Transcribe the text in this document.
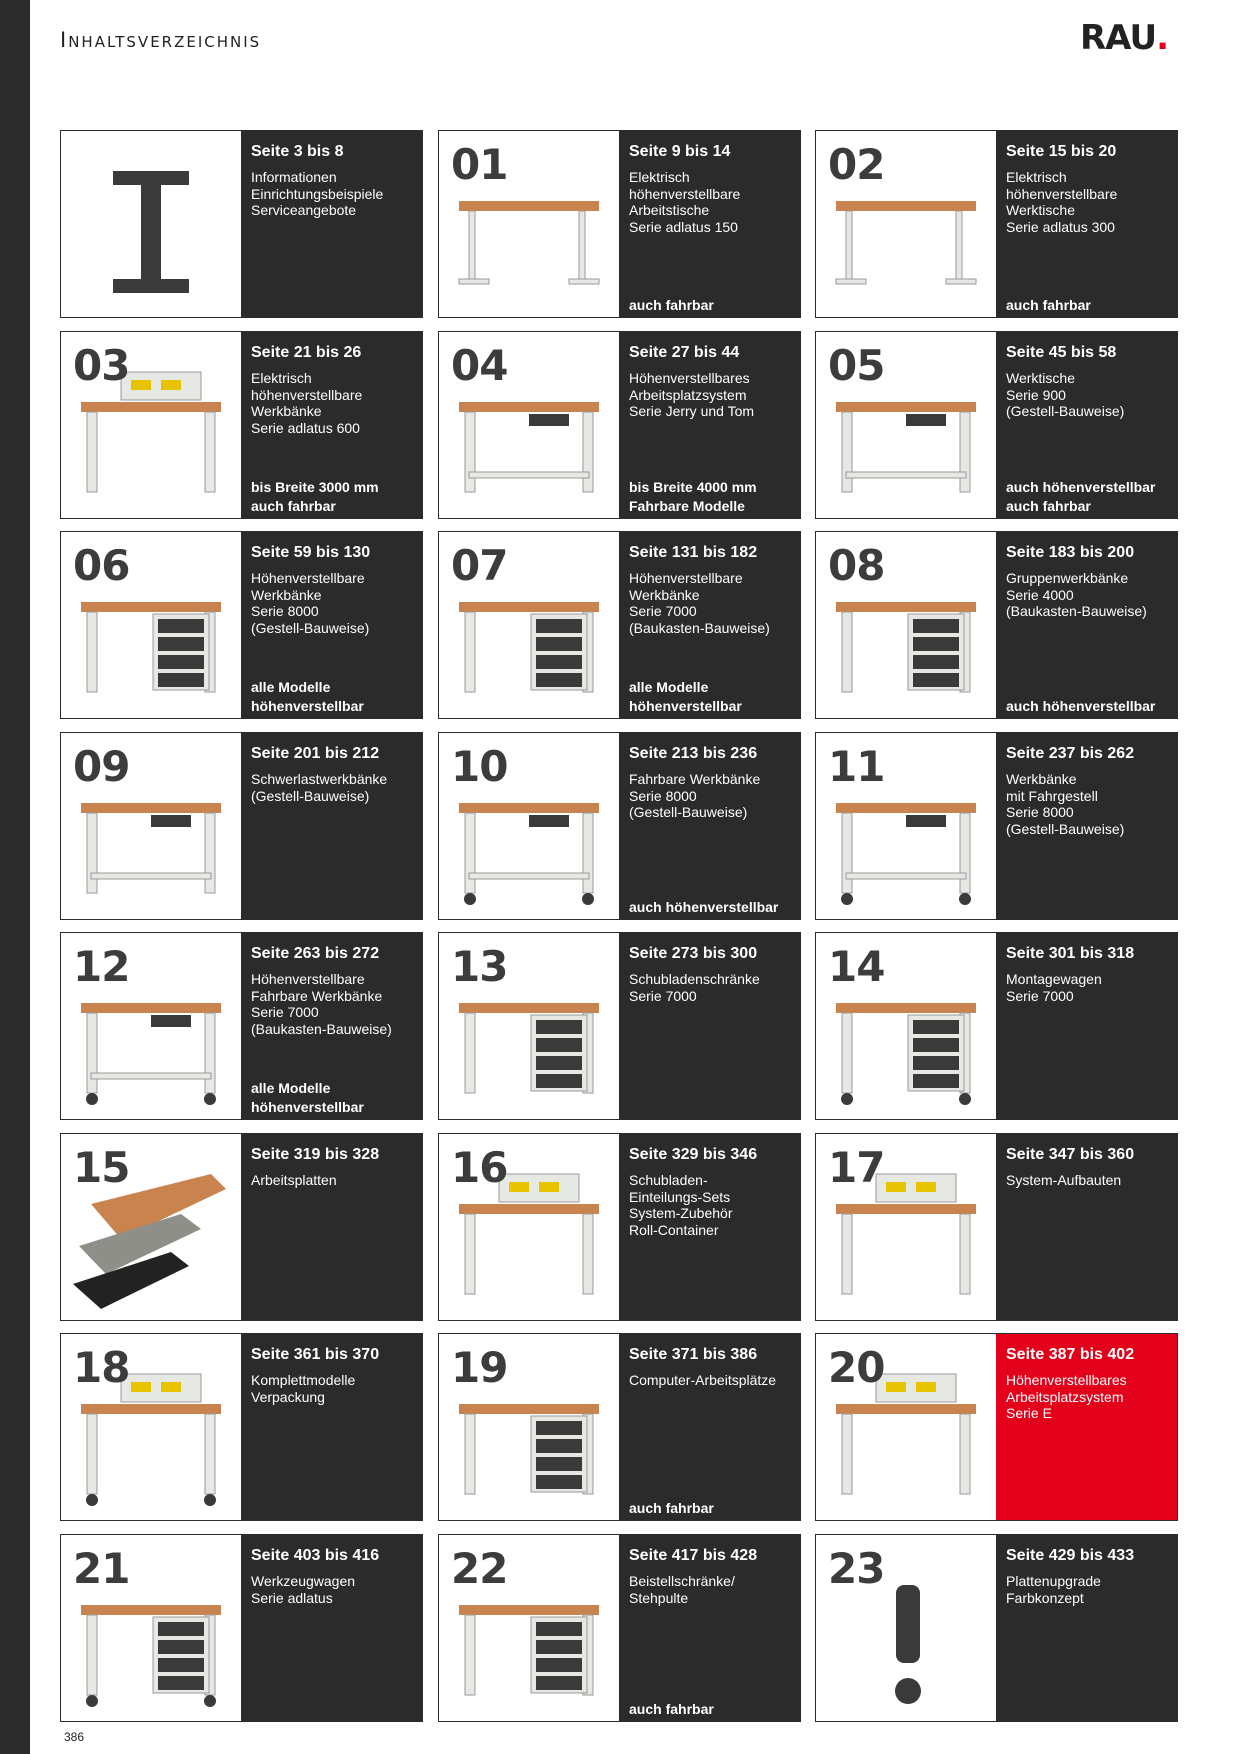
Inhaltsverzeichnis	RAU.
Seite 3 bis 8
Informationen
Einrichtungsbeispiele
Serviceangebote
01	Seite 9 bis 14
Elektrisch
höhenverstellbare
Arbeitstische
Serie adlatus 150
auch fahrbar
02	Seite 15 bis 20
Elektrisch
höhenverstellbare
Werktische
Serie adlatus 300
auch fahrbar
03	Seite 21 bis 26
Elektrisch
höhenverstellbare
Werkbänke
Serie adlatus 600
bis Breite 3000 mm
auch fahrbar
04	Seite 27 bis 44
Höhenverstellbares
Arbeitsplatzsystem
Serie Jerry und Tom
bis Breite 4000 mm
Fahrbare Modelle
05	Seite 45 bis 58
Werktische
Serie 900
(Gestell-Bauweise)
auch höhenverstellbar
auch fahrbar
06	Seite 59 bis 130
Höhenverstellbare
Werkbänke
Serie 8000
(Gestell-Bauweise)
alle Modelle
höhenverstellbar
07	Seite 131 bis 182
Höhenverstellbare
Werkbänke
Serie 7000
(Baukasten-Bauweise)
alle Modelle
höhenverstellbar
08	Seite 183 bis 200
Gruppenwerkbänke
Serie 4000
(Baukasten-Bauweise)
auch höhenverstellbar
09	Seite 201 bis 212
Schwerlastwerkbänke
(Gestell-Bauweise)
10	Seite 213 bis 236
Fahrbare Werkbänke
Serie 8000
(Gestell-Bauweise)
auch höhenverstellbar
11	Seite 237 bis 262
Werkbänke
mit Fahrgestell
Serie 8000
(Gestell-Bauweise)
12	Seite 263 bis 272
Höhenverstellbare
Fahrbare Werkbänke
Serie 7000
(Baukasten-Bauweise)
alle Modelle
höhenverstellbar
13	Seite 273 bis 300
Schubladenschränke
Serie 7000
14	Seite 301 bis 318
Montagewagen
Serie 7000
15	Seite 319 bis 328
Arbeitsplatten	16	Seite 329 bis 346
Schubladen-
Einteilungs-Sets
System-Zubehör
Roll-Container
17	Seite 347 bis 360
System-Aufbauten
18	Seite 361 bis 370
Komplettmodelle
Verpackung
19	Seite 371 bis 386
Computer-Arbeitsplätze
auch fahrbar
20	Seite 387 bis 402
Höhenverstellbares
Arbeitsplatzsystem
Serie E
21	Seite 403 bis 416
Werkzeugwagen
Serie adlatus
22	Seite 417 bis 428
Beistellschränke/
Stehpulte
auch fahrbar
23	Seite 429 bis 433
Plattenupgrade
Farbkonzept
386
